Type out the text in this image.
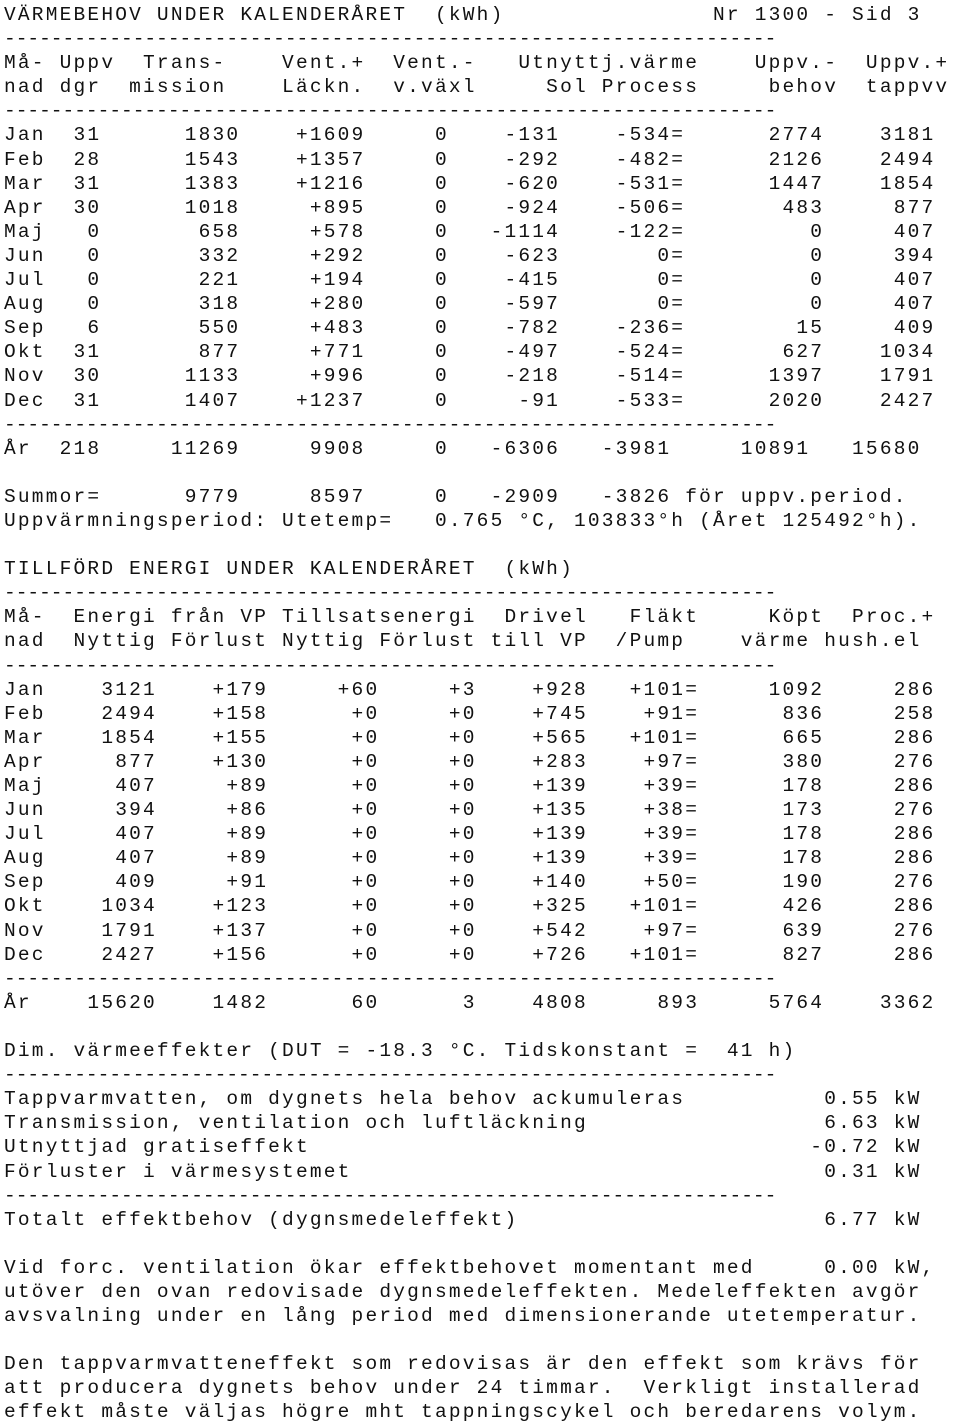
VÄRMEBEHOV UNDER KALENDERÅRET  (kWh)               Nr 1300 - Sid 3
------------------------------------------------------------------
Må- Uppv  Trans-    Vent.+  Vent.-   Utnyttj.värme    Uppv.-  Uppv.+
nad dgr  mission    Läckn.  v.växl     Sol Process     behov  tappvv
------------------------------------------------------------------
Jan  31      1830    +1609     0    -131    -534=      2774    3181
Feb  28      1543    +1357     0    -292    -482=      2126    2494
Mar  31      1383    +1216     0    -620    -531=      1447    1854
Apr  30      1018     +895     0    -924    -506=       483     877
Maj   0       658     +578     0   -1114    -122=         0     407
Jun   0       332     +292     0    -623       0=         0     394
Jul   0       221     +194     0    -415       0=         0     407
Aug   0       318     +280     0    -597       0=         0     407
Sep   6       550     +483     0    -782    -236=        15     409
Okt  31       877     +771     0    -497    -524=       627    1034
Nov  30      1133     +996     0    -218    -514=      1397    1791
Dec  31      1407    +1237     0     -91    -533=      2020    2427
------------------------------------------------------------------
År  218     11269     9908     0   -6306   -3981     10891   15680
Summor=      9779     8597     0   -2909   -3826 för uppv.period.
Uppvärmningsperiod: Utetemp=   0.765 °C, 103833°h (Året 125492°h).
TILLFÖRD ENERGI UNDER KALENDERÅRET  (kWh)
------------------------------------------------------------------
Må-  Energi från VP Tillsatsenergi  Drivel   Fläkt     Köpt  Proc.+
nad  Nyttig Förlust Nyttig Förlust till VP  /Pump    värme hush.el
------------------------------------------------------------------
Jan    3121    +179     +60     +3    +928   +101=     1092     286
Feb    2494    +158      +0     +0    +745    +91=      836     258
Mar    1854    +155      +0     +0    +565   +101=      665     286
Apr     877    +130      +0     +0    +283    +97=      380     276
Maj     407     +89      +0     +0    +139    +39=      178     286
Jun     394     +86      +0     +0    +135    +38=      173     276
Jul     407     +89      +0     +0    +139    +39=      178     286
Aug     407     +89      +0     +0    +139    +39=      178     286
Sep     409     +91      +0     +0    +140    +50=      190     276
Okt    1034    +123      +0     +0    +325   +101=      426     286
Nov    1791    +137      +0     +0    +542    +97=      639     276
Dec    2427    +156      +0     +0    +726   +101=      827     286
------------------------------------------------------------------
År    15620    1482      60      3    4808     893     5764    3362
Dim. värmeeffekter (DUT = -18.3 °C. Tidskonstant =  41 h)
------------------------------------------------------------------
Tappvarmvatten, om dygnets hela behov ackumuleras          0.55 kW
Transmission, ventilation och luftläckning                 6.63 kW
Utnyttjad gratiseffekt                                    -0.72 kW
Förluster i värmesystemet                                  0.31 kW
------------------------------------------------------------------
Totalt effektbehov (dygnsmedeleffekt)                      6.77 kW
Vid forc. ventilation ökar effektbehovet momentant med     0.00 kW,
utöver den ovan redovisade dygnsmedeleffekten. Medeleffekten avgör
avsvalning under en lång period med dimensionerande utetemperatur.
Den tappvarmvatteneffekt som redovisas är den effekt som krävs för
att producera dygnets behov under 24 timmar.  Verkligt installerad
effekt måste väljas högre mht tappningscykel och beredarens volym.
